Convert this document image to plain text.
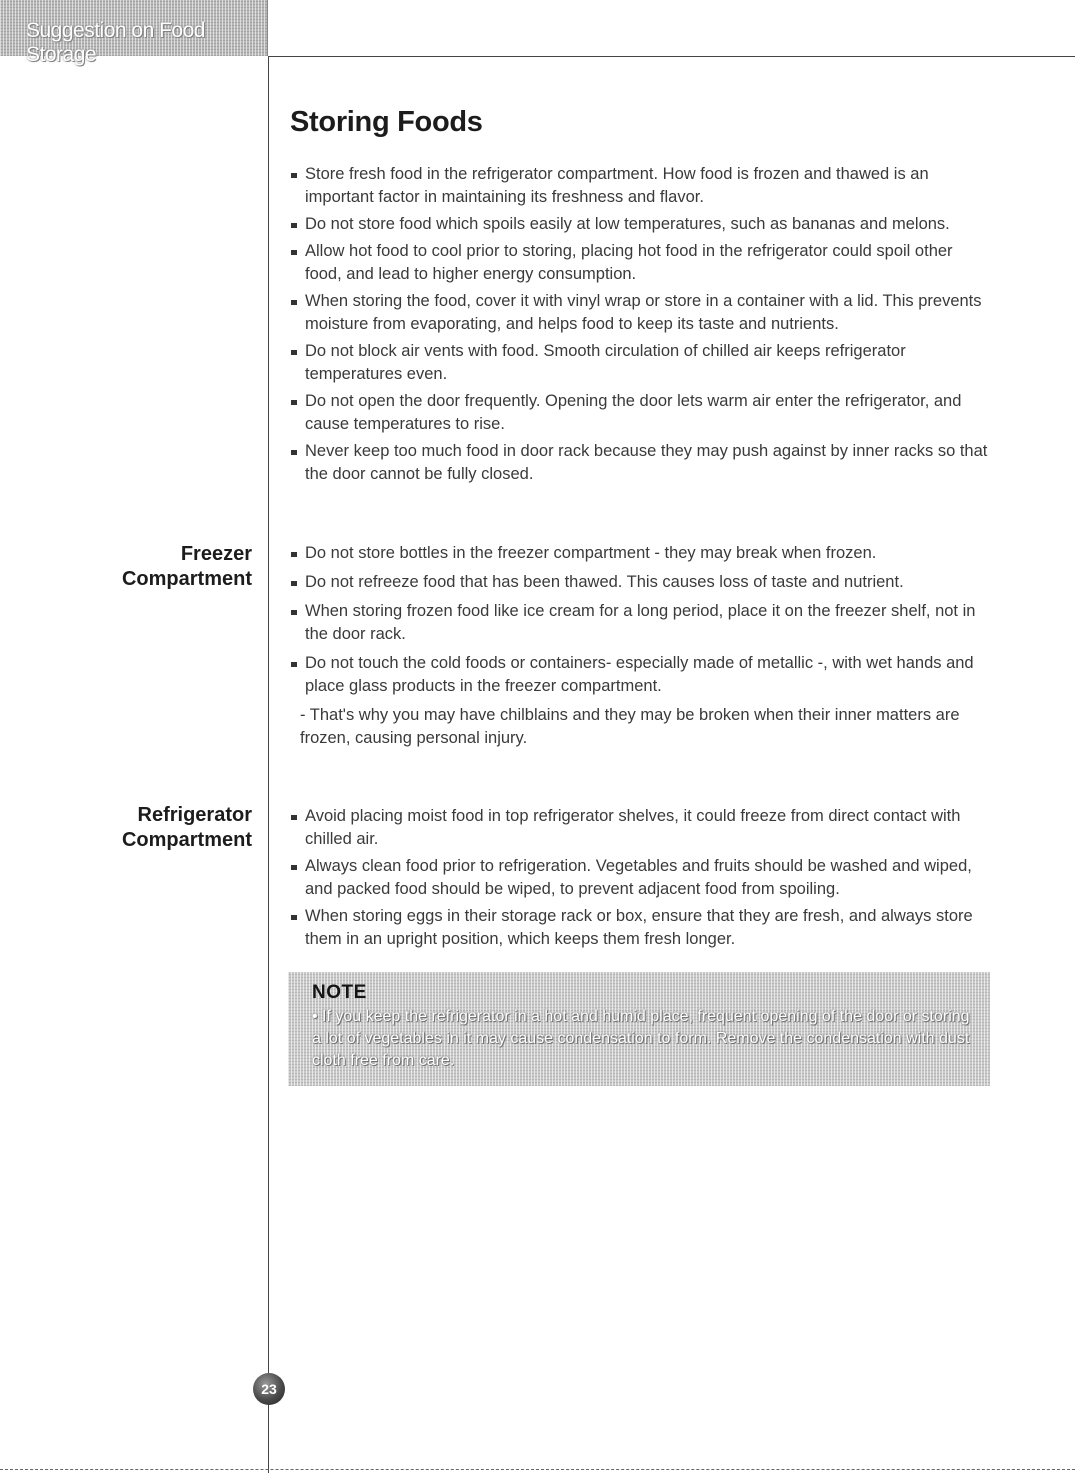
Suggestion on Food Storage
Storing Foods
Store fresh food in the refrigerator compartment. How food is frozen and thawed is an important factor in maintaining its freshness and flavor.
Do not store food which spoils easily at low temperatures, such as bananas and melons.
Allow hot food to cool prior to storing, placing hot food in the refrigerator could spoil other food, and lead to higher energy consumption.
When storing the food, cover it with vinyl wrap or store in a container with a lid. This prevents moisture from evaporating, and helps food to keep its taste and nutrients.
Do not block air vents with food. Smooth circulation of chilled air keeps refrigerator temperatures even.
Do not open the door frequently. Opening the door lets warm air enter the refrigerator, and cause temperatures to rise.
Never keep too much food in door rack because they may push against by inner racks so that the door cannot be fully closed.
Freezer
Compartment
Do not store bottles in the freezer compartment - they may break when frozen.
Do not refreeze food that has been thawed. This causes loss of taste and nutrient.
When storing frozen food like ice cream for a long period, place it on the freezer shelf, not in the door rack.
Do not touch the cold foods or containers- especially made of metallic -, with wet hands and place glass products in the freezer compartment.
- That's why you may have chilblains and they may be broken when their inner matters are frozen, causing personal injury.
Refrigerator
Compartment
Avoid placing moist food in top refrigerator shelves, it could freeze from direct contact with chilled air.
Always clean food prior to refrigeration. Vegetables and fruits should be washed and wiped, and packed food should be wiped, to prevent adjacent food from spoiling.
When storing eggs in their storage rack or box, ensure that they are fresh, and always store them in an upright position, which keeps them fresh longer.
NOTE
• If you keep the refrigerator in a hot and humid place, frequent opening of the door or storing a lot of vegetables in it may cause condensation to form. Remove the condensation with dust cloth free from care.
23
